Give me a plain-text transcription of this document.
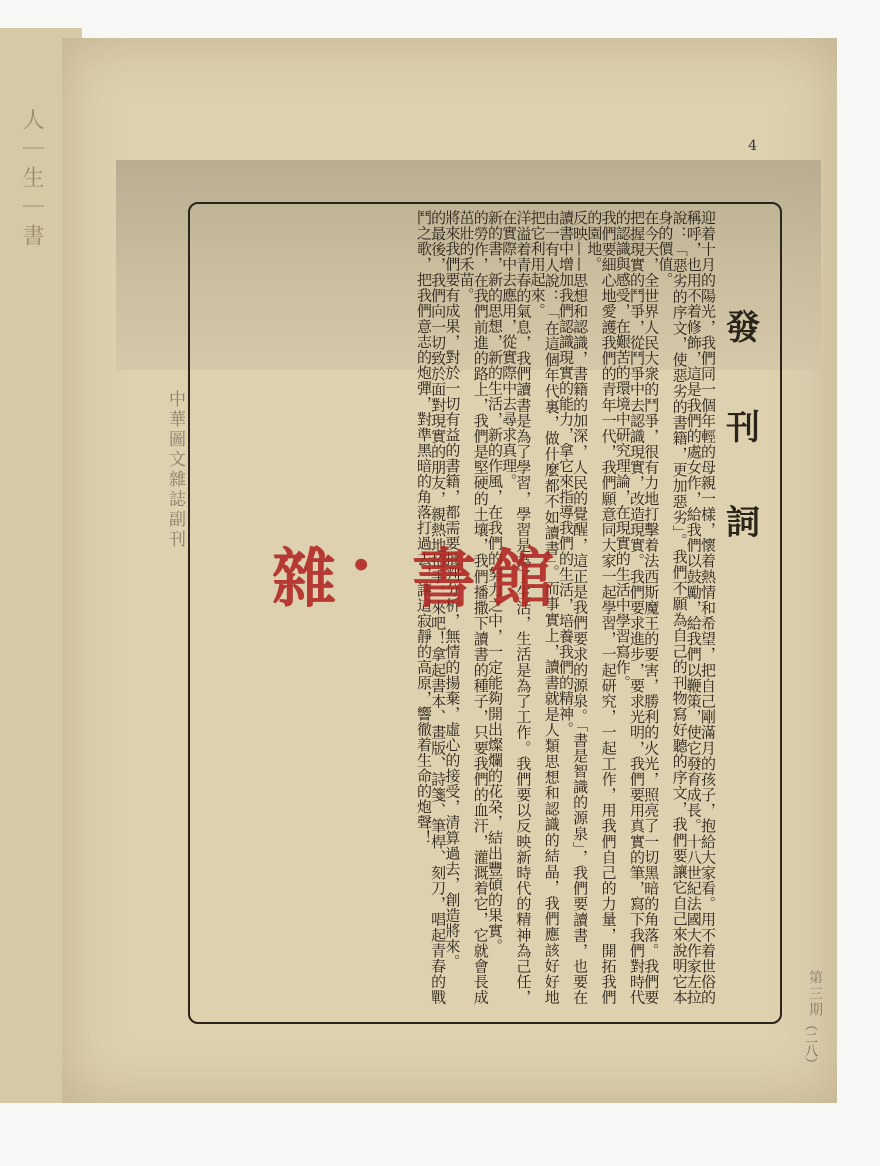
人 ｜ 生 ｜ 書	4
中華圖文雜誌副刊
第三期
（二八）
發
刊
詞

迎着十月的陽光，我們同一個年輕的母親一樣，懷着熱情和希望，把自己剛滿月的孩子，抱給大家看。用不着世俗的稱呼，也用不着修飾，這是我們的處女作，給我們以鼓勵，給我們以鞭策，使它發育成長。十八世紀法國大作家左拉說：「惡劣的序文，使惡劣的書籍，更加惡劣」。我們不願為自己的刊物寫好聽的序文，我們要讓它自己來說明它本身的價值。

在今天，全世界人民大衆的鬥爭，很有力地打擊着法西斯魔王的要害，勝利的火光，照亮了一切黑暗的角落。我們要把握現實的鬥爭，從鬥爭中去認識現實，改造現實。我們要求進步，要求光明，我們要用真實的筆，寫下我們對時代的認識與感受，在艱苦的環境中研究理論，在現實的生活中學習寫作。

我們要細心地愛護我們的青年一代，我們願意同大家一起學習，一起研究，一起工作，用我們自己的力量，開拓我們的園地。

反映——思想和認識，書籍的加深，人民的覺醒，這正是我們要求的源泉。「書是智識的源泉」，我們要讀書，也要在讀書中增加我們認識現實的能力，拿它來指導我們的生活，培養我們的精神。

由一有人說：「在這個年代裏，做什麼都不如讀書」。而事實上，讀書就是人類思想和認識的結晶，我們應該好好地把它利用起來。

洋溢着青春的氣息，我們讀書是為了學習，學習是為了生活，生活是為了工作。我們要以反映新時代的精神為己任，在實際中去應用，從實際中去尋求真理。

新的書，新的思想，新的生活，新的作風，在我們的努力之中，一定能夠開出燦爛的花朶，結出豐碩的果實。

的勞作，在我們前進的路上，我們是堅硬的土壤，我們播撒下讀書的種子，只要我們的血汗，灌溉着它，它就會長成茁壯的禾苗。

將來我們要有成果，對於一切有益的書籍，都需要批判分析，無情的揚棄，虛心的接受，清算過去，創造將來。

的最後，我們向一切致於面對現實的朋友，親熱地招手。來吧！拿起書本、畫版、詩箋、筆桿、刻刀，唱起青春的戰鬥之歌，把我們意志的炮彈，對準黑暗的角落打過去，讓這寂靜的高原，響徹着生命的炮聲！

雜 · 書 館
